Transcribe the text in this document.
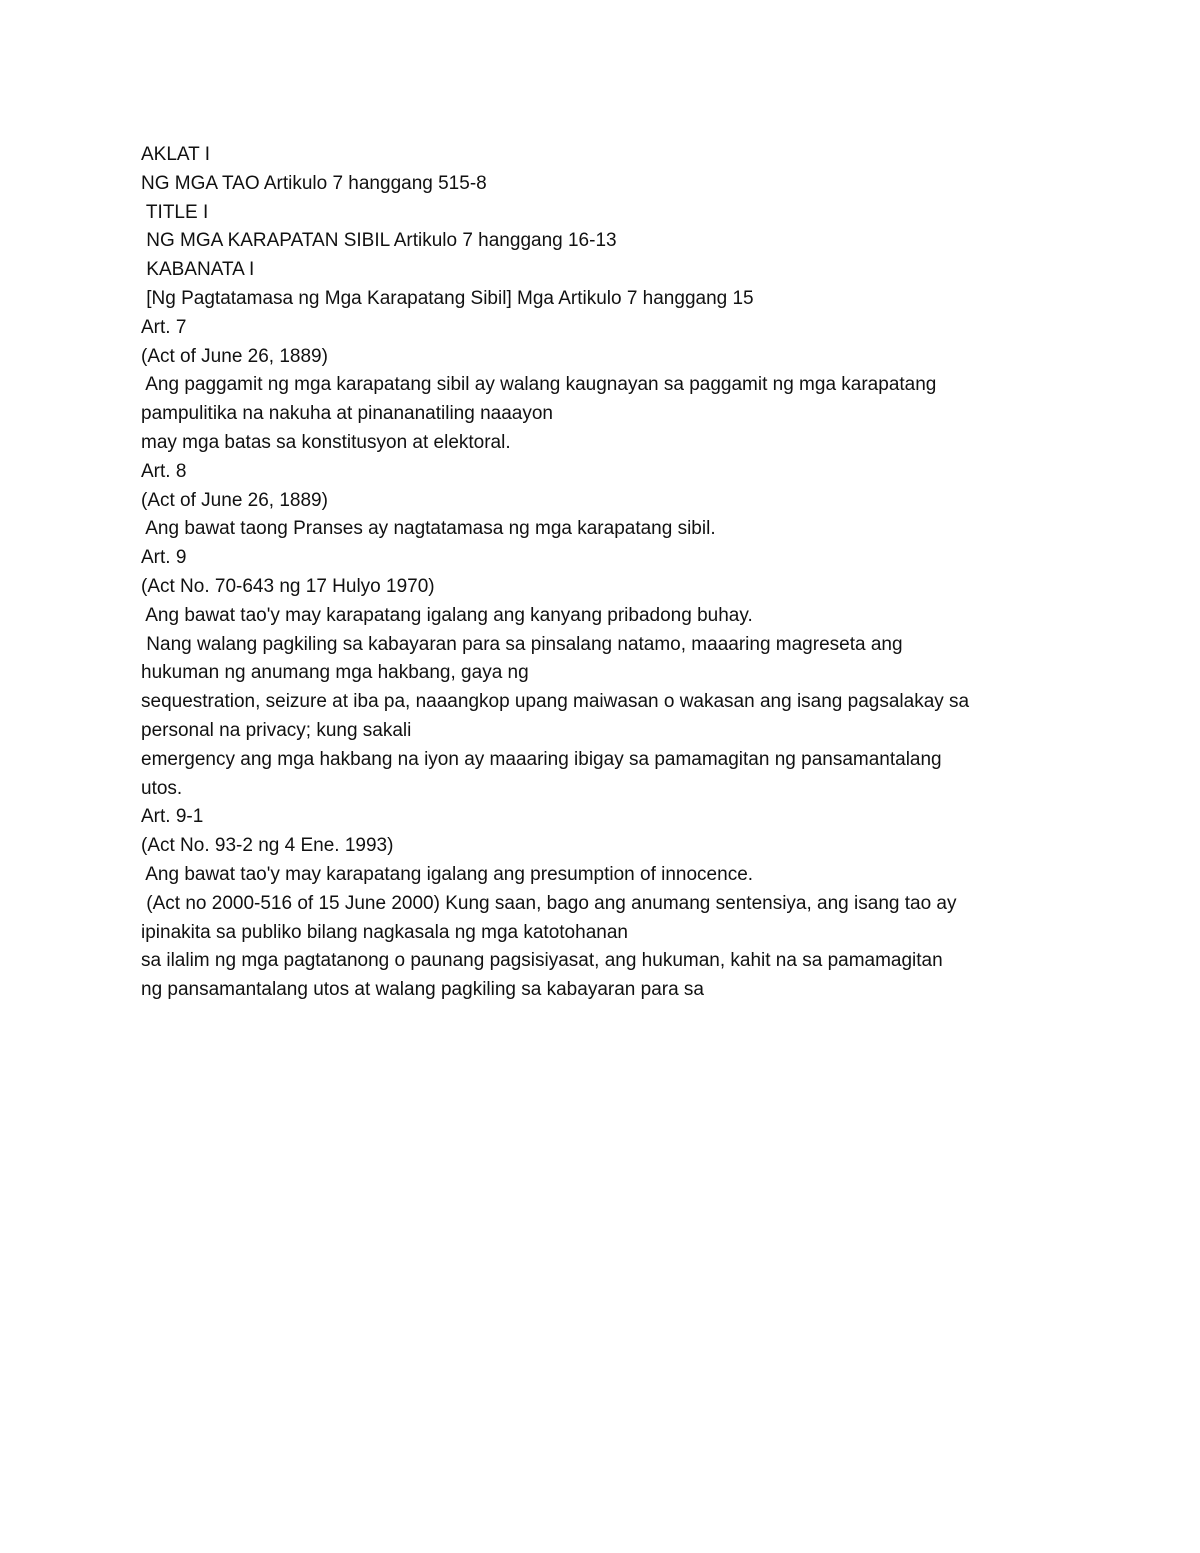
AKLAT I
NG MGA TAO Artikulo 7 hanggang 515-8
TITLE I
NG MGA KARAPATAN SIBIL Artikulo 7 hanggang 16-13
KABANATA I
[Ng Pagtatamasa ng Mga Karapatang Sibil] Mga Artikulo 7 hanggang 15
Art. 7
(Act of June 26, 1889)
Ang paggamit ng mga karapatang sibil ay walang kaugnayan sa paggamit ng mga karapatang
pampulitika na nakuha at pinananatiling naaayon
may mga batas sa konstitusyon at elektoral.
Art. 8
(Act of June 26, 1889)
Ang bawat taong Pranses ay nagtatamasa ng mga karapatang sibil.
Art. 9
(Act No. 70-643 ng 17 Hulyo 1970)
Ang bawat tao'y may karapatang igalang ang kanyang pribadong buhay.
Nang walang pagkiling sa kabayaran para sa pinsalang natamo, maaaring magreseta ang
hukuman ng anumang mga hakbang, gaya ng
sequestration, seizure at iba pa, naaangkop upang maiwasan o wakasan ang isang pagsalakay sa
personal na privacy; kung sakali
emergency ang mga hakbang na iyon ay maaaring ibigay sa pamamagitan ng pansamantalang
utos.
Art. 9-1
(Act No. 93-2 ng 4 Ene. 1993)
Ang bawat tao'y may karapatang igalang ang presumption of innocence.
(Act no 2000-516 of 15 June 2000) Kung saan, bago ang anumang sentensiya, ang isang tao ay
ipinakita sa publiko bilang nagkasala ng mga katotohanan
sa ilalim ng mga pagtatanong o paunang pagsisiyasat, ang hukuman, kahit na sa pamamagitan
ng pansamantalang utos at walang pagkiling sa kabayaran para sa
